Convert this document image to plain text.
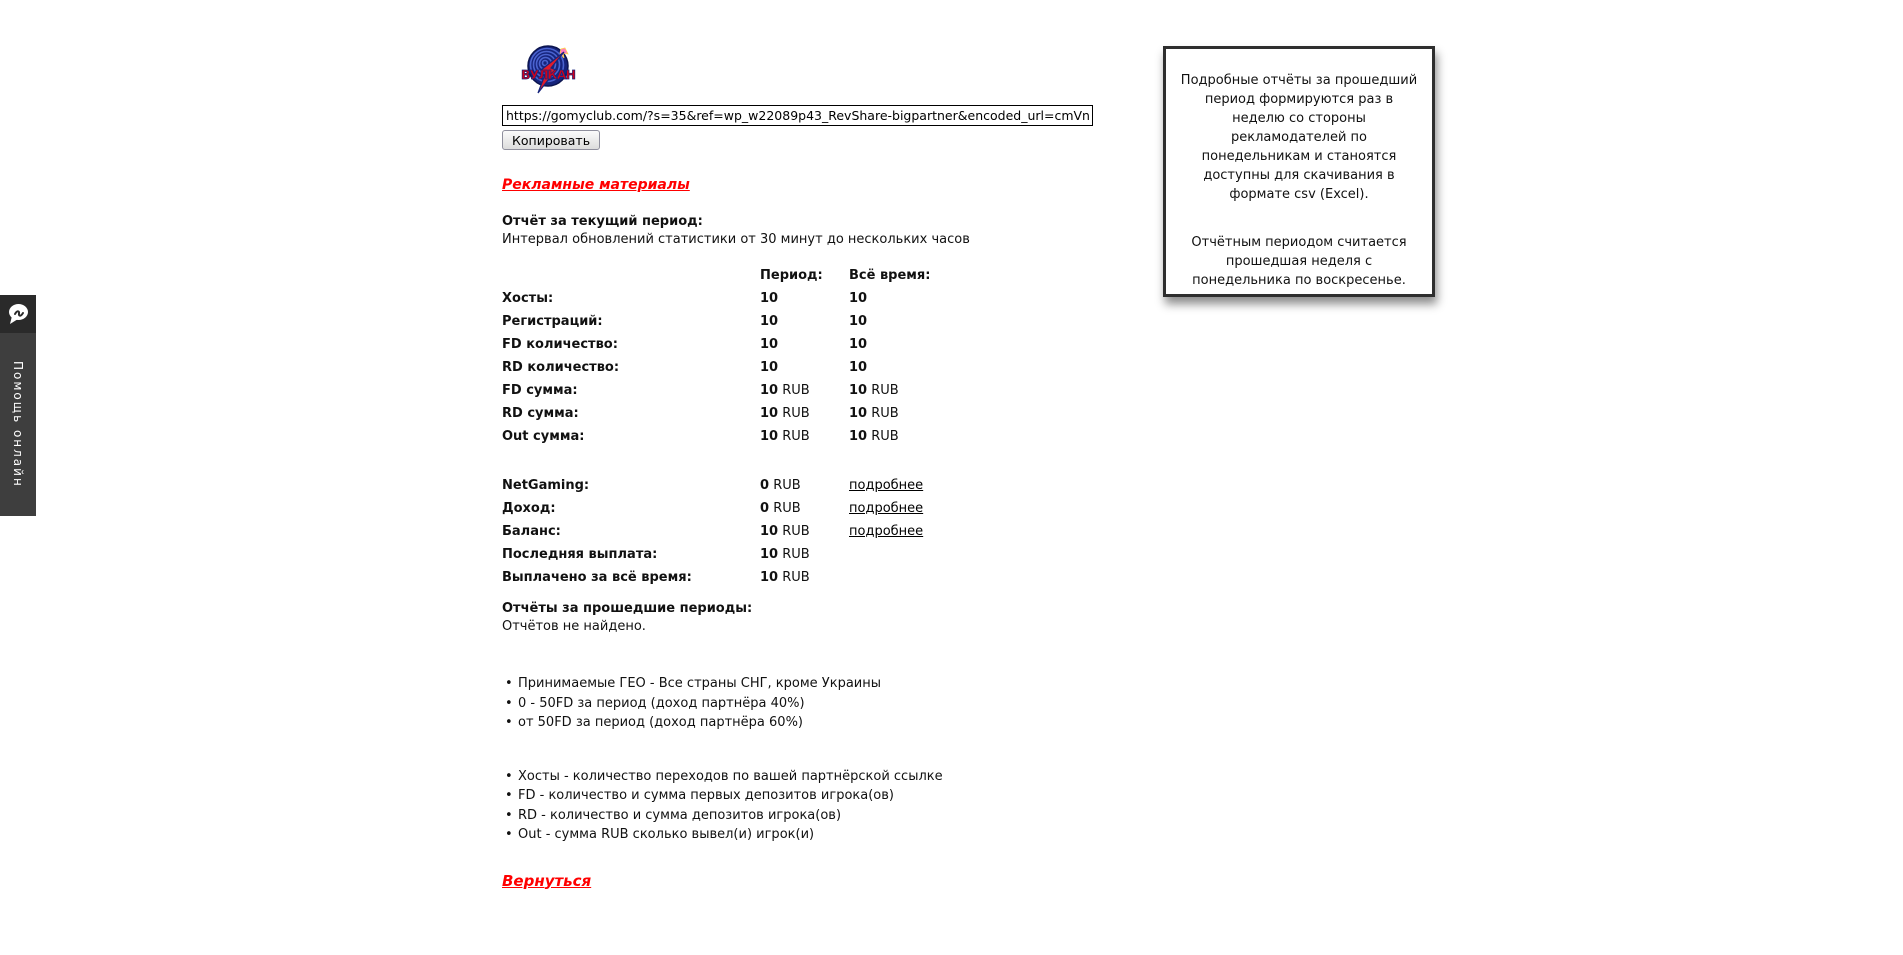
ВУЛКАН
https://gomyclub.com/?s=35&ref=wp_w22089p43_RevShare-bigpartner&encoded_url=cmVnaXN
Копировать
Рекламные материалы
Отчёт за текущий период:
Интервал обновлений статистики от 30 минут до нескольких часов
Период:	Всё время:
Хосты:	10	10
Регистраций:	10	10
FD количество:	10	10
RD количество:	10	10
FD сумма:	10 RUB	10 RUB
RD сумма:	10 RUB	10 RUB
Out сумма:	10 RUB	10 RUB
NetGaming:	0 RUB	подробнее
Доход:	0 RUB	подробнее
Баланс:	10 RUB	подробнее
Последняя выплата:	10 RUB
Выплачено за всё время:	10 RUB
Отчёты за прошедшие периоды:
Отчётов не найдено.
• Принимаемые ГЕО - Все страны СНГ, кроме Украины
• 0 - 50FD за период (доход партнёра 40%)
• от 50FD за период (доход партнёра 60%)
• Хосты - количество переходов по вашей партнёрской ссылке
• FD - количество и сумма первых депозитов игрока(ов)
• RD - количество и сумма депозитов игрока(ов)
• Out - сумма RUB сколько вывел(и) игрок(и)
Вернуться

Подробные отчёты за прошедший период формируются раз в неделю со стороны рекламодателей по понедельникам и станоятся доступны для скачивания в формате csv (Excel).

Отчётным периодом считается прошедшая неделя с понедельника по воскресенье.

Помощь онлайн
